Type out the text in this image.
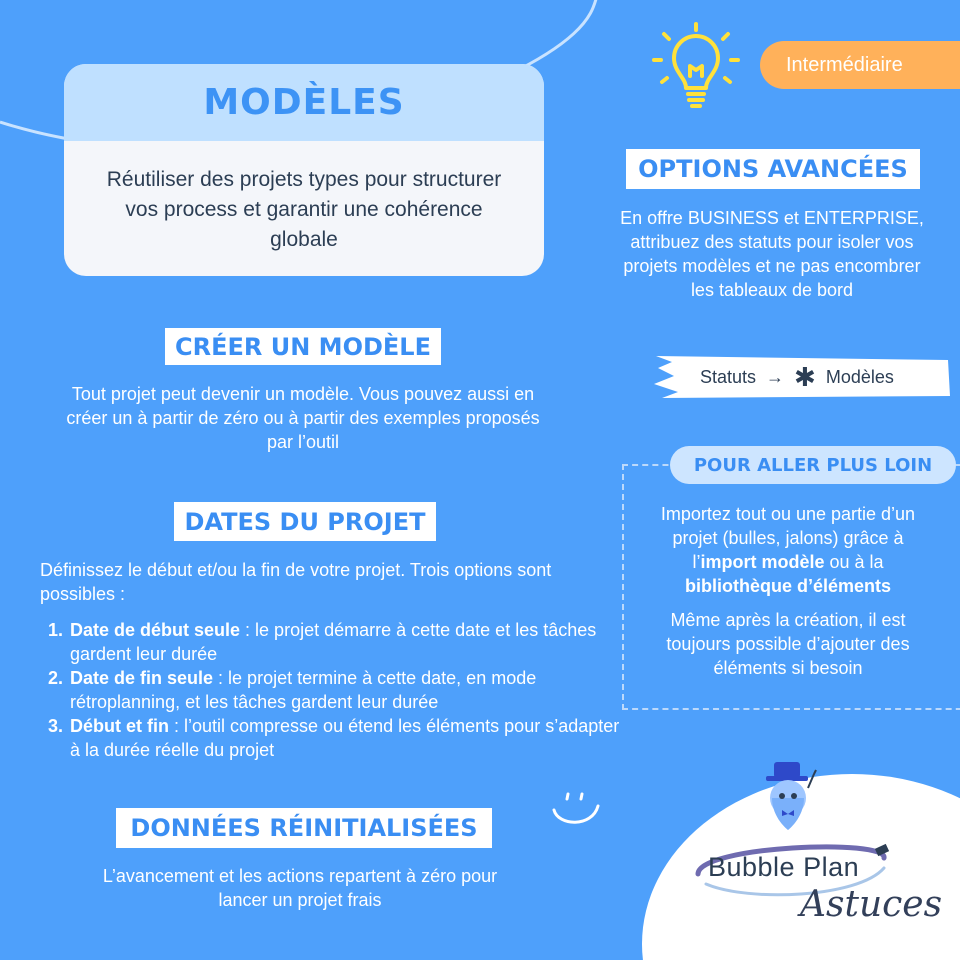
MODÈLES
Réutiliser des projets types pour structurer vos process et garantir une cohérence globale
CRÉER UN MODÈLE
Tout projet peut devenir un modèle. Vous pouvez aussi en créer un à partir de zéro ou à partir des exemples proposés par l’outil
DATES DU PROJET
Définissez le début et/ou la fin de votre projet. Trois options sont possibles :
1. Date de début seule : le projet démarre à cette date et les tâches gardent leur durée
2. Date de fin seule : le projet termine à cette date, en mode rétroplanning, et les tâches gardent leur durée
3. Début et fin : l’outil compresse ou étend les éléments pour s’adapter à la durée réelle du projet
DONNÉES RÉINITIALISÉES
L’avancement et les actions repartent à zéro pour lancer un projet frais
Intermédiaire
OPTIONS AVANCÉES
En offre BUSINESS et ENTERPRISE, attribuez des statuts pour isoler vos projets modèles et ne pas encombrer les tableaux de bord
Statuts → ✱ Modèles
POUR ALLER PLUS LOIN
Importez tout ou une partie d’un projet (bulles, jalons) grâce à l’import modèle ou à la bibliothèque d’éléments
Même après la création, il est toujours possible d’ajouter des éléments si besoin
Bubble Plan
Astuces
